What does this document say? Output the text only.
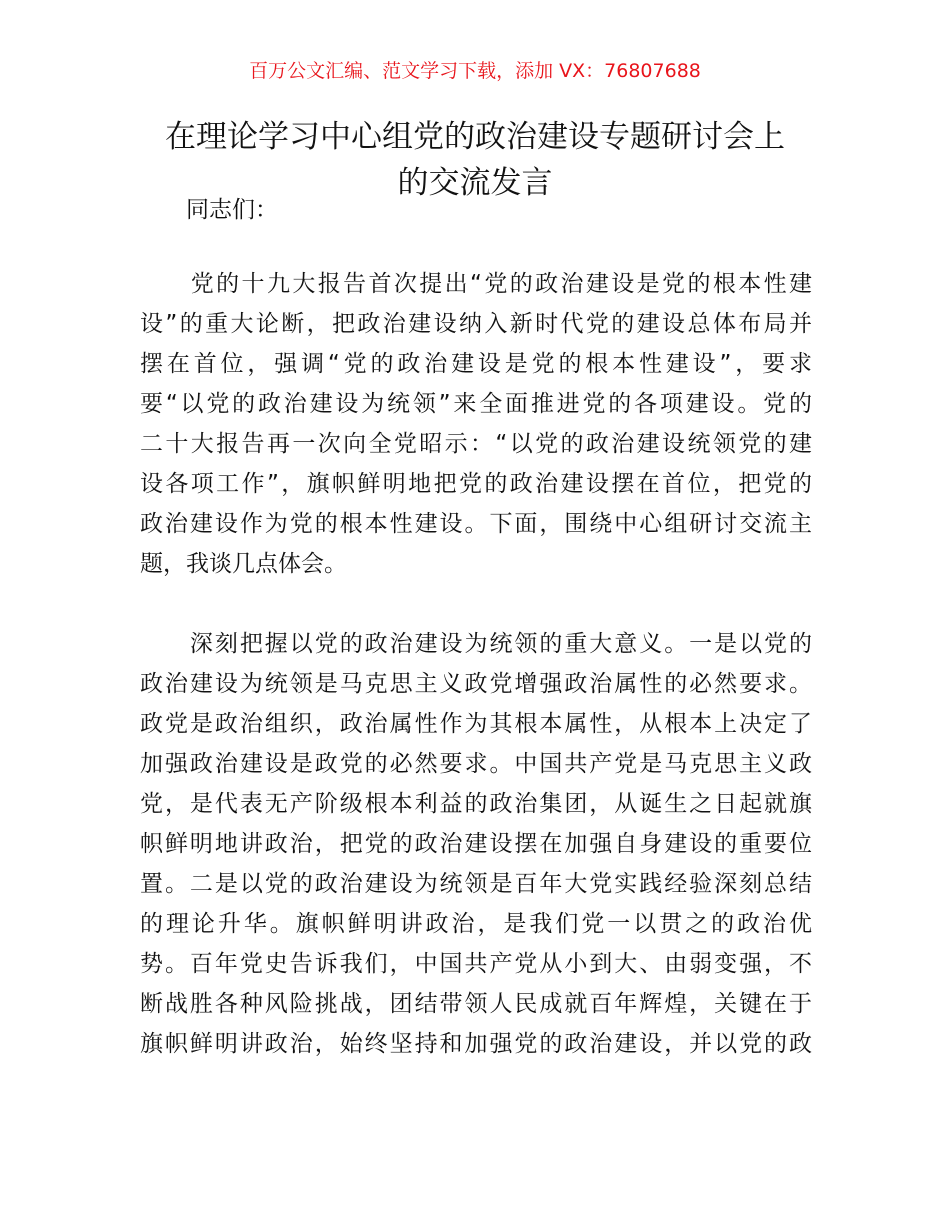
百万公文汇编、范文学习下载，添加 VX：76807688
在理论学习中心组党的政治建设专题研讨会上
的交流发言
同志们：
　　党的十九大报告首次提出“党的政治建设是党的根本性建
设”的重大论断，把政治建设纳入新时代党的建设总体布局并
摆在首位，强调“党的政治建设是党的根本性建设”，要求
要“以党的政治建设为统领”来全面推进党的各项建设。党的
二十大报告再一次向全党昭示：“以党的政治建设统领党的建
设各项工作”，旗帜鲜明地把党的政治建设摆在首位，把党的
政治建设作为党的根本性建设。下面，围绕中心组研讨交流主
题，我谈几点体会。
　　深刻把握以党的政治建设为统领的重大意义。一是以党的
政治建设为统领是马克思主义政党增强政治属性的必然要求。
政党是政治组织，政治属性作为其根本属性，从根本上决定了
加强政治建设是政党的必然要求。中国共产党是马克思主义政
党，是代表无产阶级根本利益的政治集团，从诞生之日起就旗
帜鲜明地讲政治，把党的政治建设摆在加强自身建设的重要位
置。二是以党的政治建设为统领是百年大党实践经验深刻总结
的理论升华。旗帜鲜明讲政治，是我们党一以贯之的政治优
势。百年党史告诉我们，中国共产党从小到大、由弱变强，不
断战胜各种风险挑战，团结带领人民成就百年辉煌，关键在于
旗帜鲜明讲政治，始终坚持和加强党的政治建设，并以党的政
